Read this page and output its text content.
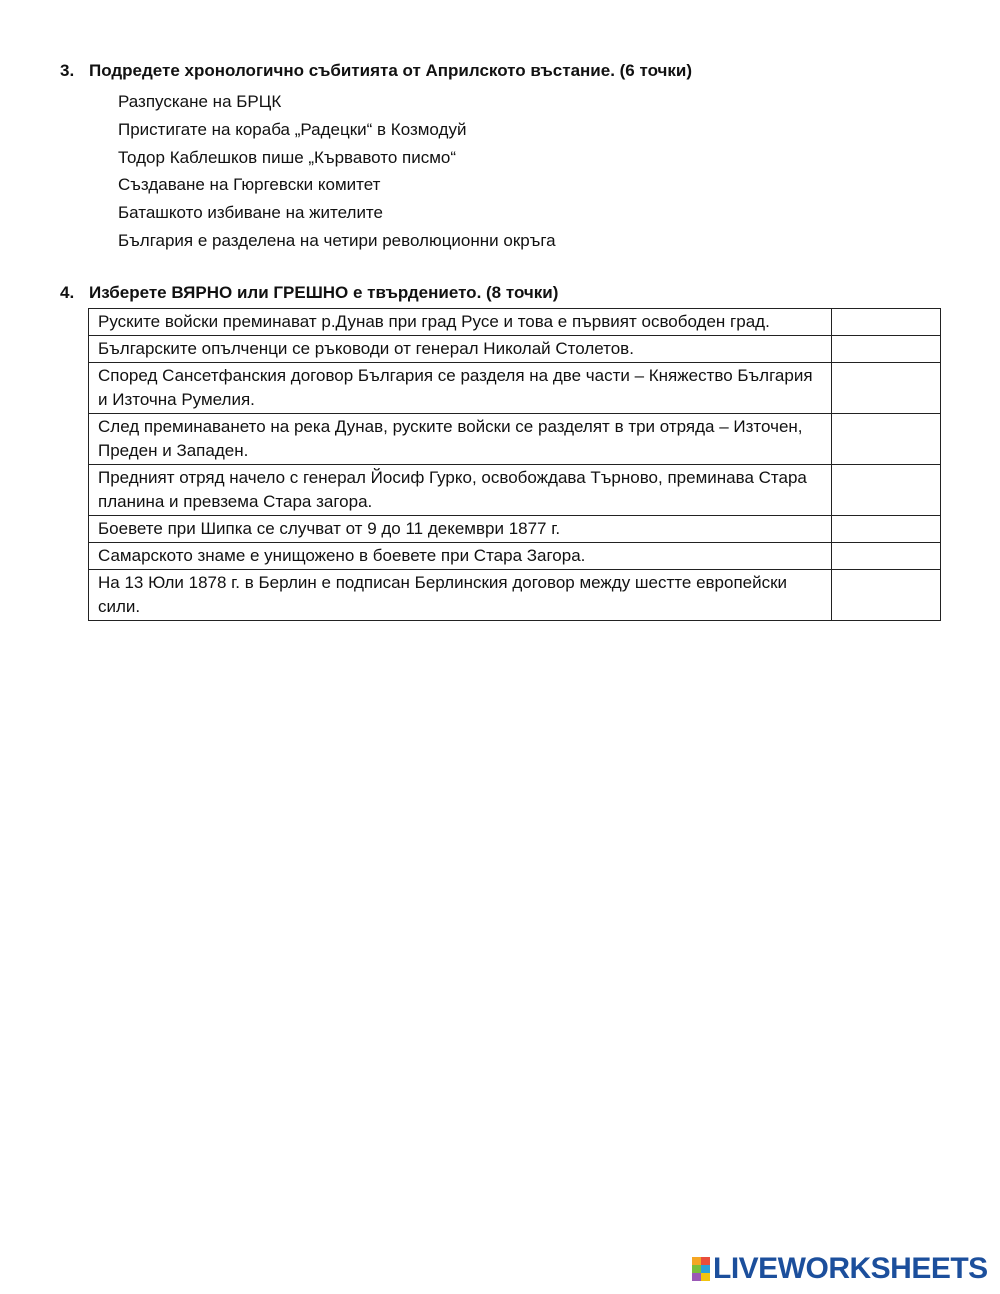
3. Подредете хронологично събитията от Априлското въстание. (6 точки)
Разпускане на БРЦК
Пристигате на кораба „Радецки“ в Козмодуй
Тодор Каблешков пише „Кървавото писмо“
Създаване на Гюргевски комитет
Баташкото избиване на жителите
България е разделена на четири революционни окръга
4. Изберете ВЯРНО или ГРЕШНО е твърдението. (8 точки)
Руските войски преминават р.Дунав при град Русе и това е първият освободен град.	

Българските опълченци се ръководи от генерал Николай Столетов.	

Според Сансетфанския договор България се разделя на две части – Княжество България и Източна Румелия.	

След преминаването на река Дунав, руските войски се разделят в три отряда – Източен, Преден и Западен.	

Предният отряд начело с генерал Йосиф Гурко, освобождава Търново, преминава Стара планина и превзема Стара загора.	

Боевете при Шипка се случват от 9 до 11 декември 1877 г.	

Самарското знаме е унищожено в боевете при Стара Загора.	

На 13 Юли 1878 г. в Берлин е подписан Берлинския договор между шестте европейски сили.	
LIVEWORKSHEETS
